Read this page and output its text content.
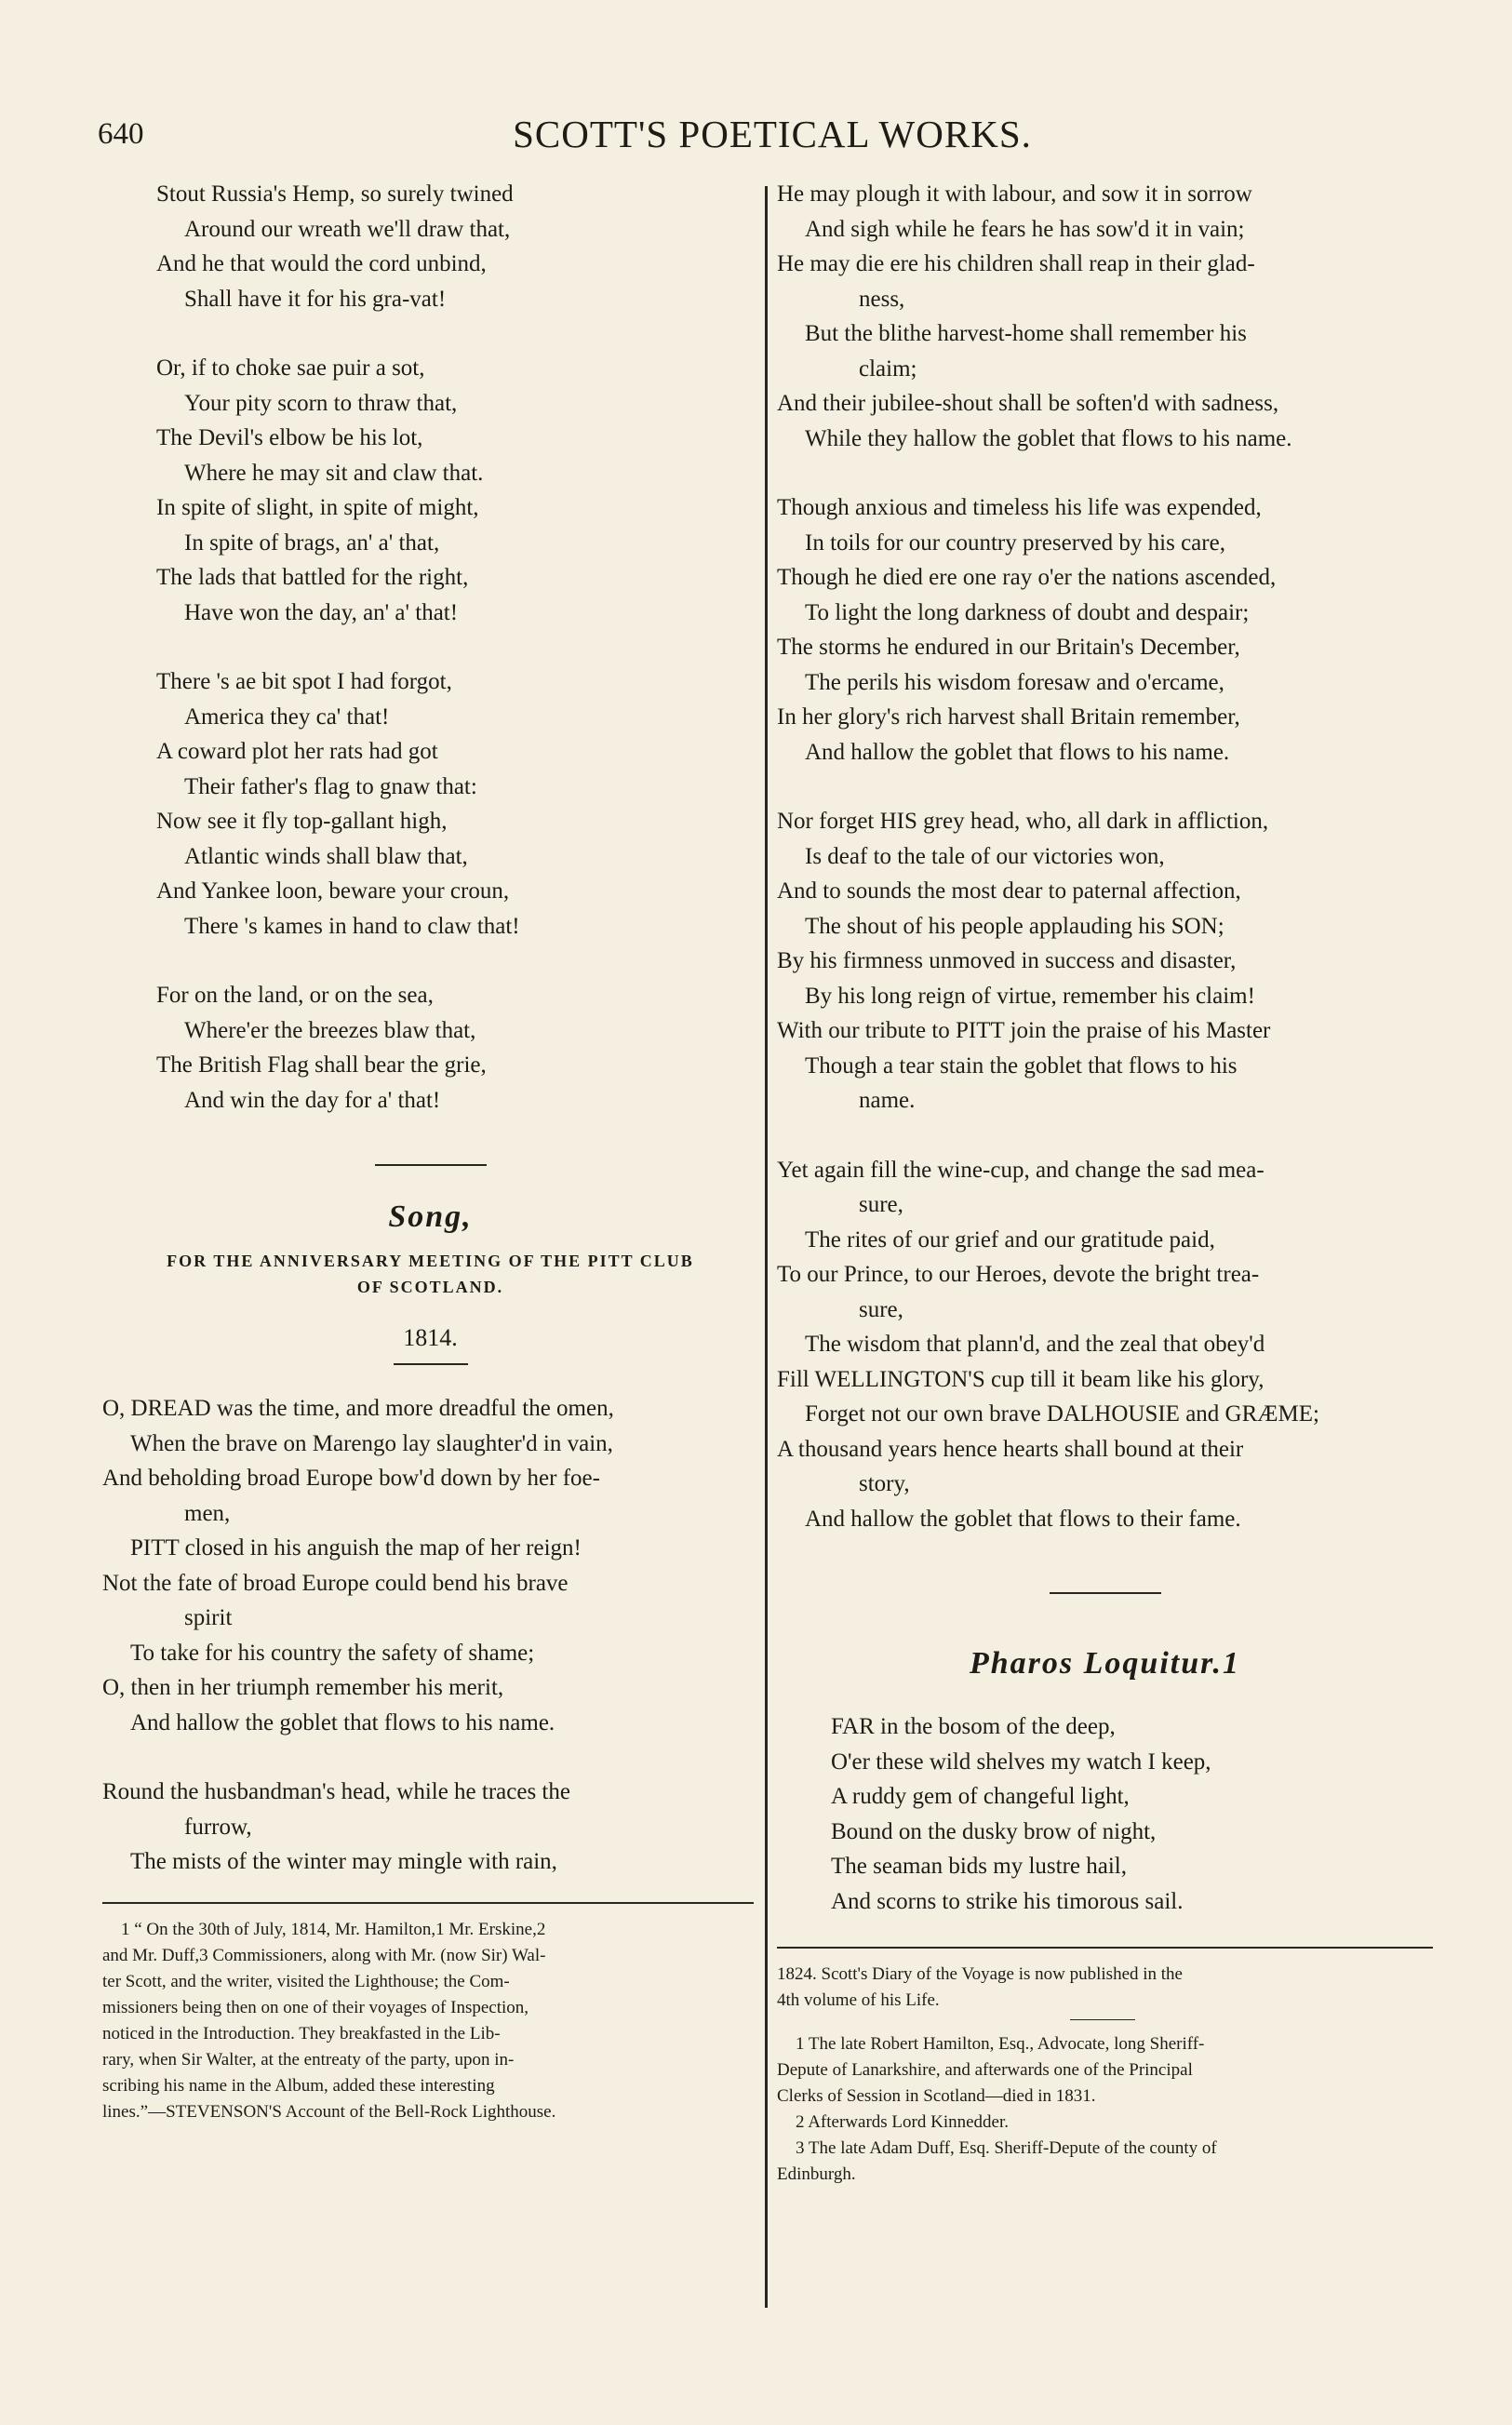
640	SCOTT'S POETICAL WORKS.
Stout Russia's Hemp, so surely twined
Around our wreath we'll draw that,
And he that would the cord unbind,
Shall have it for his gra-vat!
Or, if to choke sae puir a sot,
Your pity scorn to thraw that,
The Devil's elbow be his lot,
Where he may sit and claw that.
In spite of slight, in spite of might,
In spite of brags, an' a' that,
The lads that battled for the right,
Have won the day, an' a' that!
There 's ae bit spot I had forgot,
America they ca' that!
A coward plot her rats had got
Their father's flag to gnaw that:
Now see it fly top-gallant high,
Atlantic winds shall blaw that,
And Yankee loon, beware your croun,
There 's kames in hand to claw that!
For on the land, or on the sea,
Where'er the breezes blaw that,
The British Flag shall bear the grie,
And win the day for a' that!
Song,
FOR THE ANNIVERSARY MEETING OF THE PITT CLUB
OF SCOTLAND.
1814.
O, DREAD was the time, and more dreadful the omen,
When the brave on Marengo lay slaughter'd in vain,
And beholding broad Europe bow'd down by her foe-
men,
PITT closed in his anguish the map of her reign!
Not the fate of broad Europe could bend his brave
spirit
To take for his country the safety of shame;
O, then in her triumph remember his merit,
And hallow the goblet that flows to his name.
Round the husbandman's head, while he traces the
furrow,
The mists of the winter may mingle with rain,
1 “ On the 30th of July, 1814, Mr. Hamilton,1 Mr. Erskine,2
and Mr. Duff,3 Commissioners, along with Mr. (now Sir) Wal-
ter Scott, and the writer, visited the Lighthouse; the Com-
missioners being then on one of their voyages of Inspection,
noticed in the Introduction. They breakfasted in the Lib-
rary, when Sir Walter, at the entreaty of the party, upon in-
scribing his name in the Album, added these interesting
lines.”—STEVENSON'S Account of the Bell-Rock Lighthouse.
He may plough it with labour, and sow it in sorrow
And sigh while he fears he has sow'd it in vain;
He may die ere his children shall reap in their glad-
ness,
But the blithe harvest-home shall remember his
claim;
And their jubilee-shout shall be soften'd with sadness,
While they hallow the goblet that flows to his name.
Though anxious and timeless his life was expended,
In toils for our country preserved by his care,
Though he died ere one ray o'er the nations ascended,
To light the long darkness of doubt and despair;
The storms he endured in our Britain's December,
The perils his wisdom foresaw and o'ercame,
In her glory's rich harvest shall Britain remember,
And hallow the goblet that flows to his name.
Nor forget HIS grey head, who, all dark in affliction,
Is deaf to the tale of our victories won,
And to sounds the most dear to paternal affection,
The shout of his people applauding his SON;
By his firmness unmoved in success and disaster,
By his long reign of virtue, remember his claim!
With our tribute to PITT join the praise of his Master
Though a tear stain the goblet that flows to his
name.
Yet again fill the wine-cup, and change the sad mea-
sure,
The rites of our grief and our gratitude paid,
To our Prince, to our Heroes, devote the bright trea-
sure,
The wisdom that plann'd, and the zeal that obey'd
Fill WELLINGTON'S cup till it beam like his glory,
Forget not our own brave DALHOUSIE and GRÆME;
A thousand years hence hearts shall bound at their
story,
And hallow the goblet that flows to their fame.
Pharos Loquitur.1
FAR in the bosom of the deep,
O'er these wild shelves my watch I keep,
A ruddy gem of changeful light,
Bound on the dusky brow of night,
The seaman bids my lustre hail,
And scorns to strike his timorous sail.
1824. Scott's Diary of the Voyage is now published in the
4th volume of his Life.
1 The late Robert Hamilton, Esq., Advocate, long Sheriff-
Depute of Lanarkshire, and afterwards one of the Principal
Clerks of Session in Scotland—died in 1831.
2 Afterwards Lord Kinnedder.
3 The late Adam Duff, Esq. Sheriff-Depute of the county of
Edinburgh.
